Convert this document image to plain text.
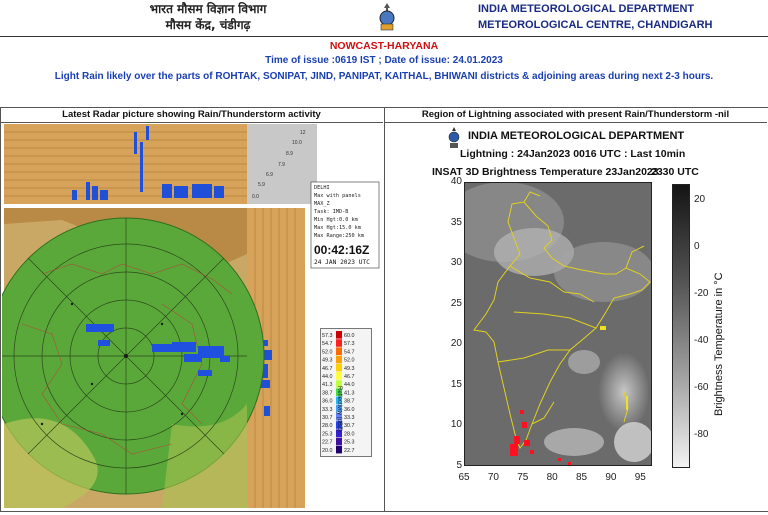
भारत मौसम विज्ञान विभाग
मौसम केंद्र, चंडीगढ़
INDIA METEOROLOGICAL DEPARTMENT
METEOROLOGICAL CENTRE, CHANDIGARH
NOWCAST-HARYANA
Time of issue :0619 IST ; Date of issue: 24.01.2023
Light Rain likely over the parts of ROHTAK, SONIPAT, JIND, PANIPAT, KAITHAL, BHIWANI districts & adjoining areas during next 2-3 hours.
Latest Radar picture showing Rain/Thunderstorm activity	Region of Lightning associated with present Rain/Thunderstorm -nil
12
10.0
8.9
7.9
6.9
5.9
0.0
DELHI
Max with panels
MAX_Z
Task: IMD-B
Min Hgt:0.0 km
Max Hgt:15.0 km
Max Range:250 km
00:42:16Z
24 JAN 2023 UTC
57.3 60.0
54.7 57.3
52.0 54.7
49.3 52.0
46.7 49.3
44.0 46.7
41.3 44.0
38.7 41.3
36.0 38.7
33.3 36.0
30.7 33.3
28.0 30.7
25.3 28.0
22.7 25.3
20.0 22.7
Reflectivity (dBZ)
INDIA METEOROLOGICAL DEPARTMENT
Lightning : 24Jan2023 0016 UTC : Last 10min
INSAT 3D Brightness Temperature 23Jan2023
2330 UTC
40
35
30
25
20
15
10
5
65 70 75 80 85 90 95
20
0
-20
-40
-60
-80
Brightness Temperature in °C
